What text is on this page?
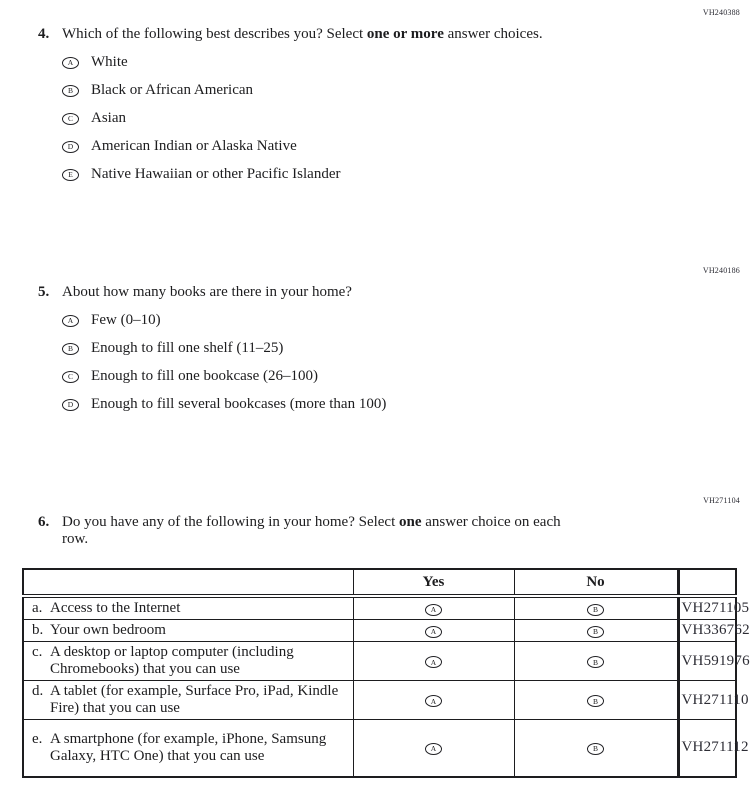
VH240388
4. Which of the following best describes you? Select one or more answer choices.
A White
B Black or African American
C Asian
D American Indian or Alaska Native
E Native Hawaiian or other Pacific Islander
VH240186
5. About how many books are there in your home?
A Few (0–10)
B Enough to fill one shelf (11–25)
C Enough to fill one bookcase (26–100)
D Enough to fill several bookcases (more than 100)
VH271104
6. Do you have any of the following in your home? Select one answer choice on each
row.
	Yes	No	

a. Access to the Internet	A	B	VH271105

b. Your own bedroom	A	B	VH336762

c. A desktop or laptop computer (including Chromebooks) that you can use	A	B	VH591976

d. A tablet (for example, Surface Pro, iPad, Kindle Fire) that you can use	A	B	VH271110

e. A smartphone (for example, iPhone, Samsung Galaxy, HTC One) that you can use	A	B	VH271112
